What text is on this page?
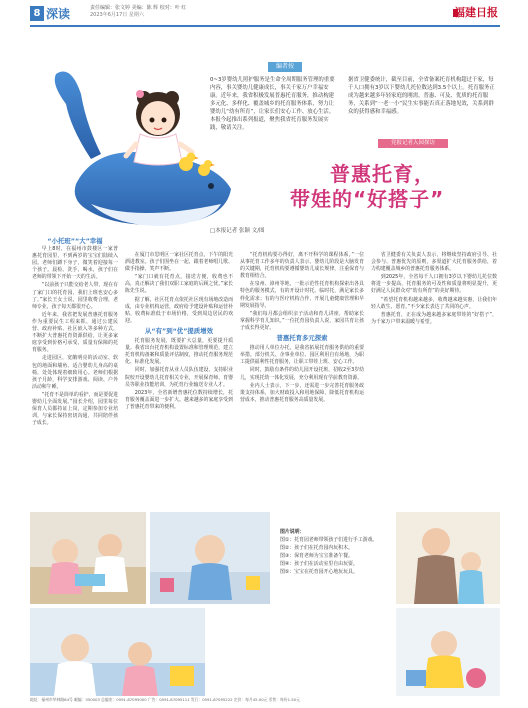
8 深读	责任编辑：张文婷 美编：陈 辉 校对：叶 红
2023年6月17日 星期六	福建日报
编者按
0~3岁婴幼儿照护服务是生命全周期服务管理的重要内容，事关婴幼儿健康成长，事关千家万户幸福安康。近年来，我省积极发展普惠托育服务，推动构建多元化、多样化、覆盖城乡的托育服务体系，努力让婴幼儿“幼有所育”，让家长们安心工作、放心生活。本报今起推出系列报道，聚焦我省托育服务发展实践，敬请关注。
据省卫健委统计，截至目前，全省备案托育机构超过千家，每千人口拥有3岁以下婴幼儿托位数达到3.5个以上。托育服务正成为越来越多年轻家庭的刚需，普惠、可及、优质的托育服务，关系到“一老一小”民生实事能否真正落地见效，关系到群众的获得感和幸福感。
党报记者入园探访
普惠托育，
带娃的“好搭子”
□本报记者 张颖 文/图
“小托班”“大”幸福

早上8时，在福州市鼓楼区一家普惠托育园里，不到两岁的宝宝们陆续入园。老师们蹲下身子，微笑着迎接每一个孩子。晨检、洗手、喝水，孩子们在老师的带领下开始一天的生活。

“以前孩子只能交给老人带，现在有了家门口的托育园，我们上班也安心多了。”家长王女士说，园里收费合理，老师专业，孩子每天都很开心。

近年来，我省把发展普惠托育服务作为重要民生工程来抓，通过公建民营、政府补贴、社区嵌入等多种方式，不断扩大普惠托育资源供给，让更多家庭享受到价格可承受、质量有保障的托育服务。

走进园区，宽敞明亮的活动室、软包的地面和墙角、适合婴幼儿身高的桌椅，处处体现着细致用心。老师们根据孩子月龄，科学安排游戏、阅读、户外活动和午睡。

“托育不是简单的看护，而是要促进婴幼儿全面发展。”园长介绍，园里每位保育人员都持证上岗，定期参加专业培训，与家长保持密切沟通，共同陪伴孩子成长。

在厦门市思明区一家社区托育点，下午的阳光洒进教室。孩子们围坐在一起，跟着老师唱儿歌、做手指操，笑声不断。

“家门口就有托育点，接送方便，收费也不高，真正解决了我们双职工家庭的后顾之忧。”家长陈先生说。

据了解，社区托育点依托社区现有场地改造而成，由专业机构运营，政府给予建设补贴和运营补贴，收费标准低于市场价格，受到周边居民的欢迎。

从“有”到“优”提质增效

托育服务发展，既要扩大总量，更要提升质量。我省出台托育机构设置标准和管理规范，建立托育机构备案和质量评估制度，推动托育服务规范化、标准化发展。

同时，加强托育从业人员队伍建设，支持职业院校开设婴幼儿托育相关专业，开展保育师、育婴员等职业技能培训，为托育行业输送专业人才。

2023年，全省新增普惠托位数持续增长，托育服务覆盖面进一步扩大。越来越多的家庭享受到了普惠托育带来的便利。

“托育机构要办得好，离不开科学的课程体系。”一位从事托育工作多年的负责人表示，婴幼儿阶段是大脑发育的关键期，托育机构要遵循婴幼儿成长规律，注重保育与教育相结合。

在泉州、漳州等地，一批示范性托育机构探索出各具特色的服务模式，有的开设计时托、临时托，满足家长多样化需求；有的与医疗机构合作，开展儿童健康管理和早期发展指导。

“我们每月都会组织亲子活动和育儿讲座，帮助家长掌握科学育儿知识。”一位托育园负责人说，家园共育让孩子成长得更好。

普惠托育多元探索

推动用人单位办托，是我省拓展托育服务供给的重要举措。部分机关、企事业单位、园区利用自有场地，为职工提供福利性托育服务，让职工带娃上班、安心工作。

同时，鼓励有条件的幼儿园开设托班，招收2至3岁幼儿，实现托幼一体化发展，充分利用现有学前教育资源。

业内人士表示，下一步，还需进一步完善托育服务政策支持体系，加大财政投入和用地保障，降低托育机构运营成本，推动普惠托育服务高质量发展。

省卫健委有关负责人表示，将继续坚持政府引导、社会参与、普惠优先的原则，多渠道扩大托育服务供给，着力构建覆盖城乡的普惠托育服务体系。

到2025年，全省每千人口拥有3岁以下婴幼儿托位数将进一步提高，托育服务的可及性和质量将明显提升，更好满足人民群众对“幼有所育”的美好期待。

“希望托育机构越来越多，收费越来越实惠，让我们年轻人敢生、愿育。”不少家长表达了共同的心声。

普惠托育，正在成为越来越多家庭带娃的“好搭子”，为千家万户带来温暖与希望。

图片说明：
图①：托育园老师带领孩子们进行手工游戏。
图②：孩子们在托育园内玩积木。
图③：保育老师为宝宝准备午餐。
图④：孩子们在活动室里自由玩耍。
图⑤：宝宝在托育园开心地玩玩具。
地址：福州市华林路84号 邮编：350003 总编室：0591-87095000 广告：0591-87095111 发行：0591-87095222 定价：每月45.00元 零售：每份1.50元
